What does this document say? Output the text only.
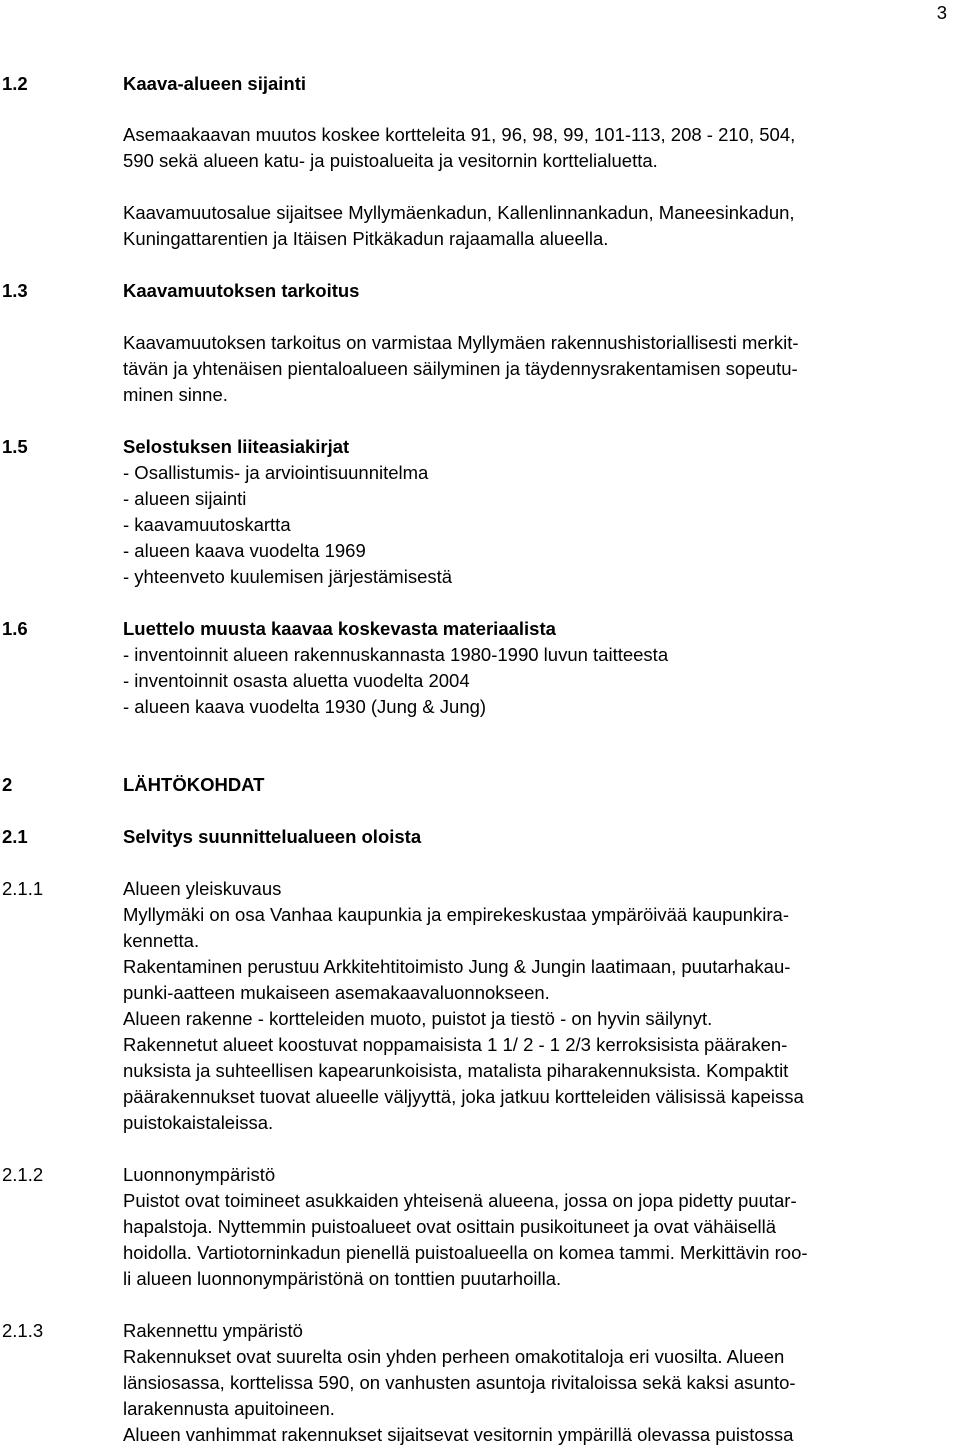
3
1.2	Kaava-alueen sijainti

Asemaakaavan muutos koskee kortteleita 91, 96, 98, 99, 101-113, 208 - 210, 504,

590 sekä alueen katu- ja puistoalueita ja vesitornin korttelialuetta.

Kaavamuutosalue sijaitsee Myllymäenkadun, Kallenlinnankadun, Maneesinkadun,

Kuningattarentien ja Itäisen Pitkäkadun rajaamalla alueella.

1.3	Kaavamuutoksen tarkoitus

Kaavamuutoksen tarkoitus on varmistaa Myllymäen rakennushistoriallisesti merkit-

tävän ja yhtenäisen pientaloalueen säilyminen ja täydennysrakentamisen sopeutu-

minen sinne.

1.5	Selostuksen liiteasiakirjat
- Osallistumis- ja arviointisuunnitelma
- alueen sijainti
- kaavamuutoskartta
- alueen kaava vuodelta 1969
- yhteenveto kuulemisen järjestämisestä
1.6	Luettelo muusta kaavaa koskevasta materiaalista
- inventoinnit alueen rakennuskannasta 1980-1990 luvun taitteesta
- inventoinnit osasta aluetta vuodelta 2004
- alueen kaava vuodelta 1930 (Jung & Jung)
2	LÄHTÖKOHDAT
2.1	Selvitys suunnittelualueen oloista
2.1.1	Alueen yleiskuvaus

Myllymäki on osa Vanhaa kaupunkia ja empirekeskustaa ympäröivää kaupunkira-

kennetta.

Rakentaminen perustuu Arkkitehtitoimisto Jung & Jungin laatimaan, puutarhakau-

punki-aatteen mukaiseen asemakaavaluonnokseen.

Alueen rakenne - kortteleiden muoto, puistot ja tiestö - on hyvin säilynyt.

Rakennetut alueet koostuvat noppamaisista 1 1/ 2 - 1 2/3 kerroksisista pääraken-

nuksista ja suhteellisen kapearunkoisista, matalista piharakennuksista. Kompaktit

päärakennukset tuovat alueelle väljyyttä, joka jatkuu kortteleiden välisissä kapeissa

puistokaistaleissa.

2.1.2	Luonnonympäristö

Puistot ovat toimineet asukkaiden yhteisenä alueena, jossa on jopa pidetty puutar-

hapalstoja. Nyttemmin puistoalueet ovat osittain pusikoituneet ja ovat vähäisellä

hoidolla. Vartiotorninkadun pienellä puistoalueella on komea tammi. Merkittävin roo-

li alueen luonnonympäristönä on tonttien puutarhoilla.

2.1.3	Rakennettu ympäristö

Rakennukset ovat suurelta osin yhden perheen omakotitaloja eri vuosilta. Alueen

länsiosassa, korttelissa 590, on vanhusten asuntoja rivitaloissa sekä kaksi asunto-

larakennusta apuitoineen.

Alueen vanhimmat rakennukset sijaitsevat vesitornin ympärillä olevassa puistossa
